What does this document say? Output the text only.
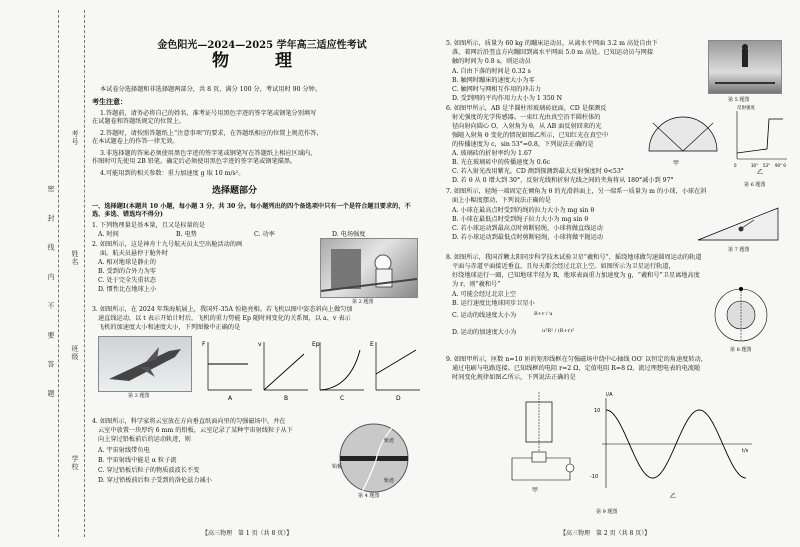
考号
姓名
班级
学校
密 封 线 内 不 要 答 题
金色阳光—2024—2025 学年高三适应性考试
物 理
本试卷分选择题和非选择题两部分，共 8 页，满分 100 分，考试用时 90 分钟。
考生注意：
1.答题前，请务必将自己的姓名、准考证号用黑色字迹的签字笔或钢笔分别填写
在试题卷和答题纸规定的位置上。
2.答题时，请按照答题纸上“注意事项”的要求，在答题纸相应的位置上规范作答，
在本试题卷上的作答一律无效。
3.非选择题的答案必须使用黑色字迹的签字笔或钢笔写在答题纸上相应区域内，
作图时可先使用 2B 铅笔，确定后必须使用黑色字迹的签字笔或钢笔描黑。
4.可能用到的相关参数：重力加速度 g 取 10 m/s²。
选择题部分
一、选择题Ⅰ(本题共 10 小题，每小题 3 分，共 30 分。每小题列出的四个备选项中只有一个是符合题目要求的，不选、多选、错选均不得分)
1. 下列物理量是基本量，且又是标量的是
A. 时间	B. 电势	C. 功率	D. 电场强度
2. 如图所示，这是神舟十九号航天员太空出舱活动的画
面。航天员悬停于舱外时
A. 相对地球是静止的
B. 受到的合外力为零
C. 处于完全失重状态
D. 惯性比在地球上小
第 2 题图
3. 如图所示，在 2024 年珠海航展上，我国歼-35A 惊艳亮相。若飞机以图中姿态斜向上做匀加
速直线运动，以 t 表示开始计时后，飞机的重力势能 Ep 随时间变化的关系图，以 a、v 表示
飞机的加速度大小和速度大小，下列图像中正确的是
第 3 题图
F
A
v
B
Ep
C
E
D
4. 如图所示，科学家将云室放在方向垂直纸面向里的匀强磁场中，并在
云室中放置一块厚约 6 mm 的铅板，云室记录了某种宇宙射线粒子从下
向上穿过铅板前后的运动轨迹，则
A. 宇宙射线带负电
B. 宇宙射线中能是 α 粒子流
C. 穿过铅板后粒子的物质波波长不变
D. 穿过铅板前后粒子受到的洛伦兹力减小
轨迹
铅板
轨迹
第 4 题图
【高三物理　第 1 页（共 8 页）】
5. 如图所示，质量为 60 kg 的蹦床运动员，从离水平网面 3.2 m 高处自由下
落，着网后沿竖直方向蹦回到离水平网面 5.0 m 高处。已知运动员与网接
触的时间为 0.8 s，则运动员
A. 自由下落的时间是 0.32 s
B. 触网时蹦床的速度大小为零
C. 触网时与网相互作用的冲击力
D. 受到网的平均作用力大小为 1 350 N	第 5 题图
6. 如图甲所示，AB 是半圆柱形玻璃砖底面，CD 是探测反
射光强度的光学传感器。一束红光由真空沿半圆柱体的
径向射向圆心 O，入射角为 θ，从 AB 面反射回来的光
强随入射角 θ 变化的情况如图乙所示，已知红光在真空中
的传播速度为 c，sin 53°=0.8，下列说法正确的是
A. 玻璃砖的折射率约为 1.67
B. 光在玻璃砖中的传播速度为 0.6c
C. 若入射光改用紫光，CD 测到探测到最大反射强度时 θ<53°
D. 若 θ 从 0 增大到 30°，反射光线和折射光线之间的夹角将从 180°减小到 97°
甲
反射强度
0	30° 53° 90° θ
乙
第 6 题图
7. 如图所示，轻绳一端固定在倾角为 θ 的光滑斜面上，另一端系一质量为 m 的小球，小球在斜
面上小幅度摆动，下列说法正确的是
A. 小球在最高点时受到的绳的拉力大小为 mg sin θ
B. 小球在最低点时受到绳子拉力大小为 mg sin θ
C. 若小球运动到最高点时剪断轻绳，小球将做直线运动
D. 若小球运动到最低点时剪断轻绳，小球将做平抛运动
第 7 题图
8. 如图所示，我国首颗太阳同步科学技术试验卫星“羲和号”，摇绕地球做匀速圆周运动的轨道
平面与赤道平面接近垂直，且每天都会经过北京上空。如图所示为卫星运行轨道，
好绕地球运行一圈，已知地球半径为 R，地球表面重力加速度为 g，“羲和号”卫星离地高度
为 r，则“羲和号”
A. 可能会经过北京上空
B. 运行速度比地球同步卫星小
C. 运动的线速度大小为	R+r / u
D. 运动的加速度大小为	u²R² / (R+r)²
第 8 题图
9. 如图甲所示，匝数 n=10 匝的矩形线框在匀强磁场中绕中心轴线 OO′ 以恒定的角速度转动，
通过电刷与电路连接。已知线框的电阻 r=2 Ω，定值电阻 R=8 Ω，流过理想电表的电流随
时间变化规律如图乙所示，下列说法正确的是
甲
i/A
t/s
10
-10
乙
第 9 题图
【高三物理　第 2 页（共 8 页）】
